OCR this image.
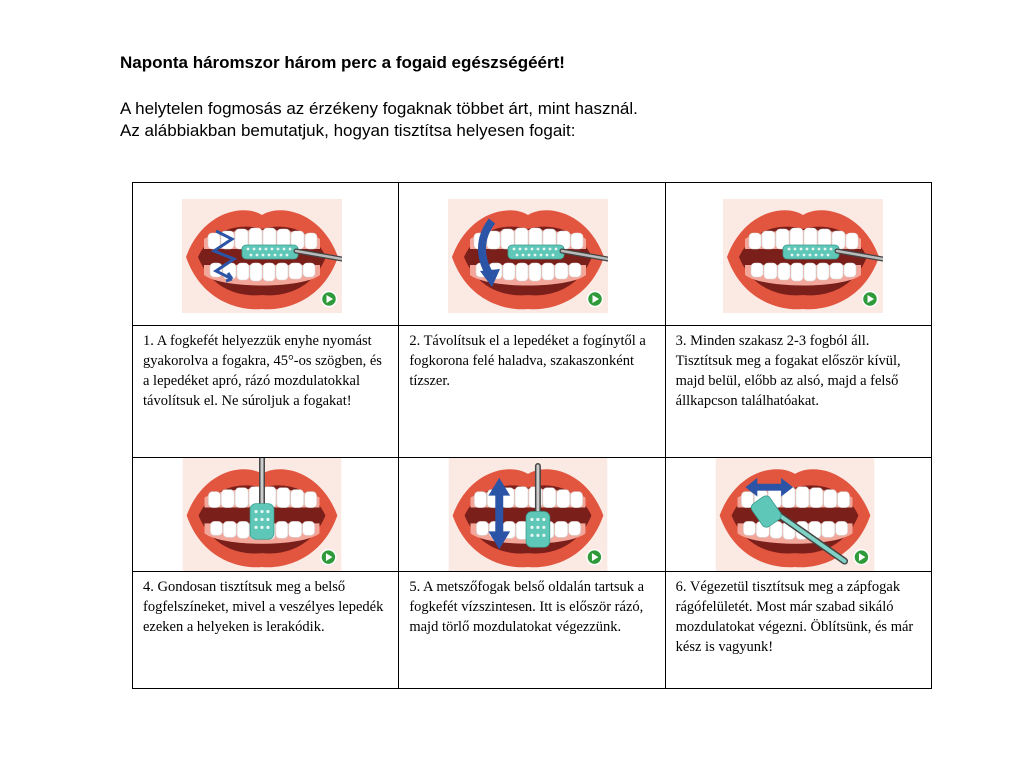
Naponta háromszor három perc a fogaid egészségéért!

A helytelen fogmosás az érzékeny fogaknak többet árt, mint használ.
Az alábbiakban bemutatjuk, hogyan tisztítsa helyesen fogait:

1. A fogkefét helyezzük enyhe nyomást gyakorolva a fogakra, 45°-os szögben, és a lepedéket apró, rázó mozdulatokkal távolítsuk el. Ne súroljuk a fogakat!	2. Távolítsuk el a lepedéket a fogínytől a fogkorona felé haladva, szakaszonként tízszer.	3. Minden szakasz 2-3 fogból áll. Tisztítsuk meg a fogakat először kívül, majd belül, előbb az alsó, majd a felső állkapcson találhatóakat.

4. Gondosan tisztítsuk meg a belső fogfelszíneket, mivel a veszélyes lepedék ezeken a helyeken is lerakódik.	5. A metszőfogak belső oldalán tartsuk a fogkefét vízszintesen. Itt is először rázó, majd törlő mozdulatokat végezzünk.	6. Végezetül tisztítsuk meg a zápfogak rágófelületét. Most már szabad sikáló mozdulatokat végezni. Öblítsünk, és már kész is vagyunk!
